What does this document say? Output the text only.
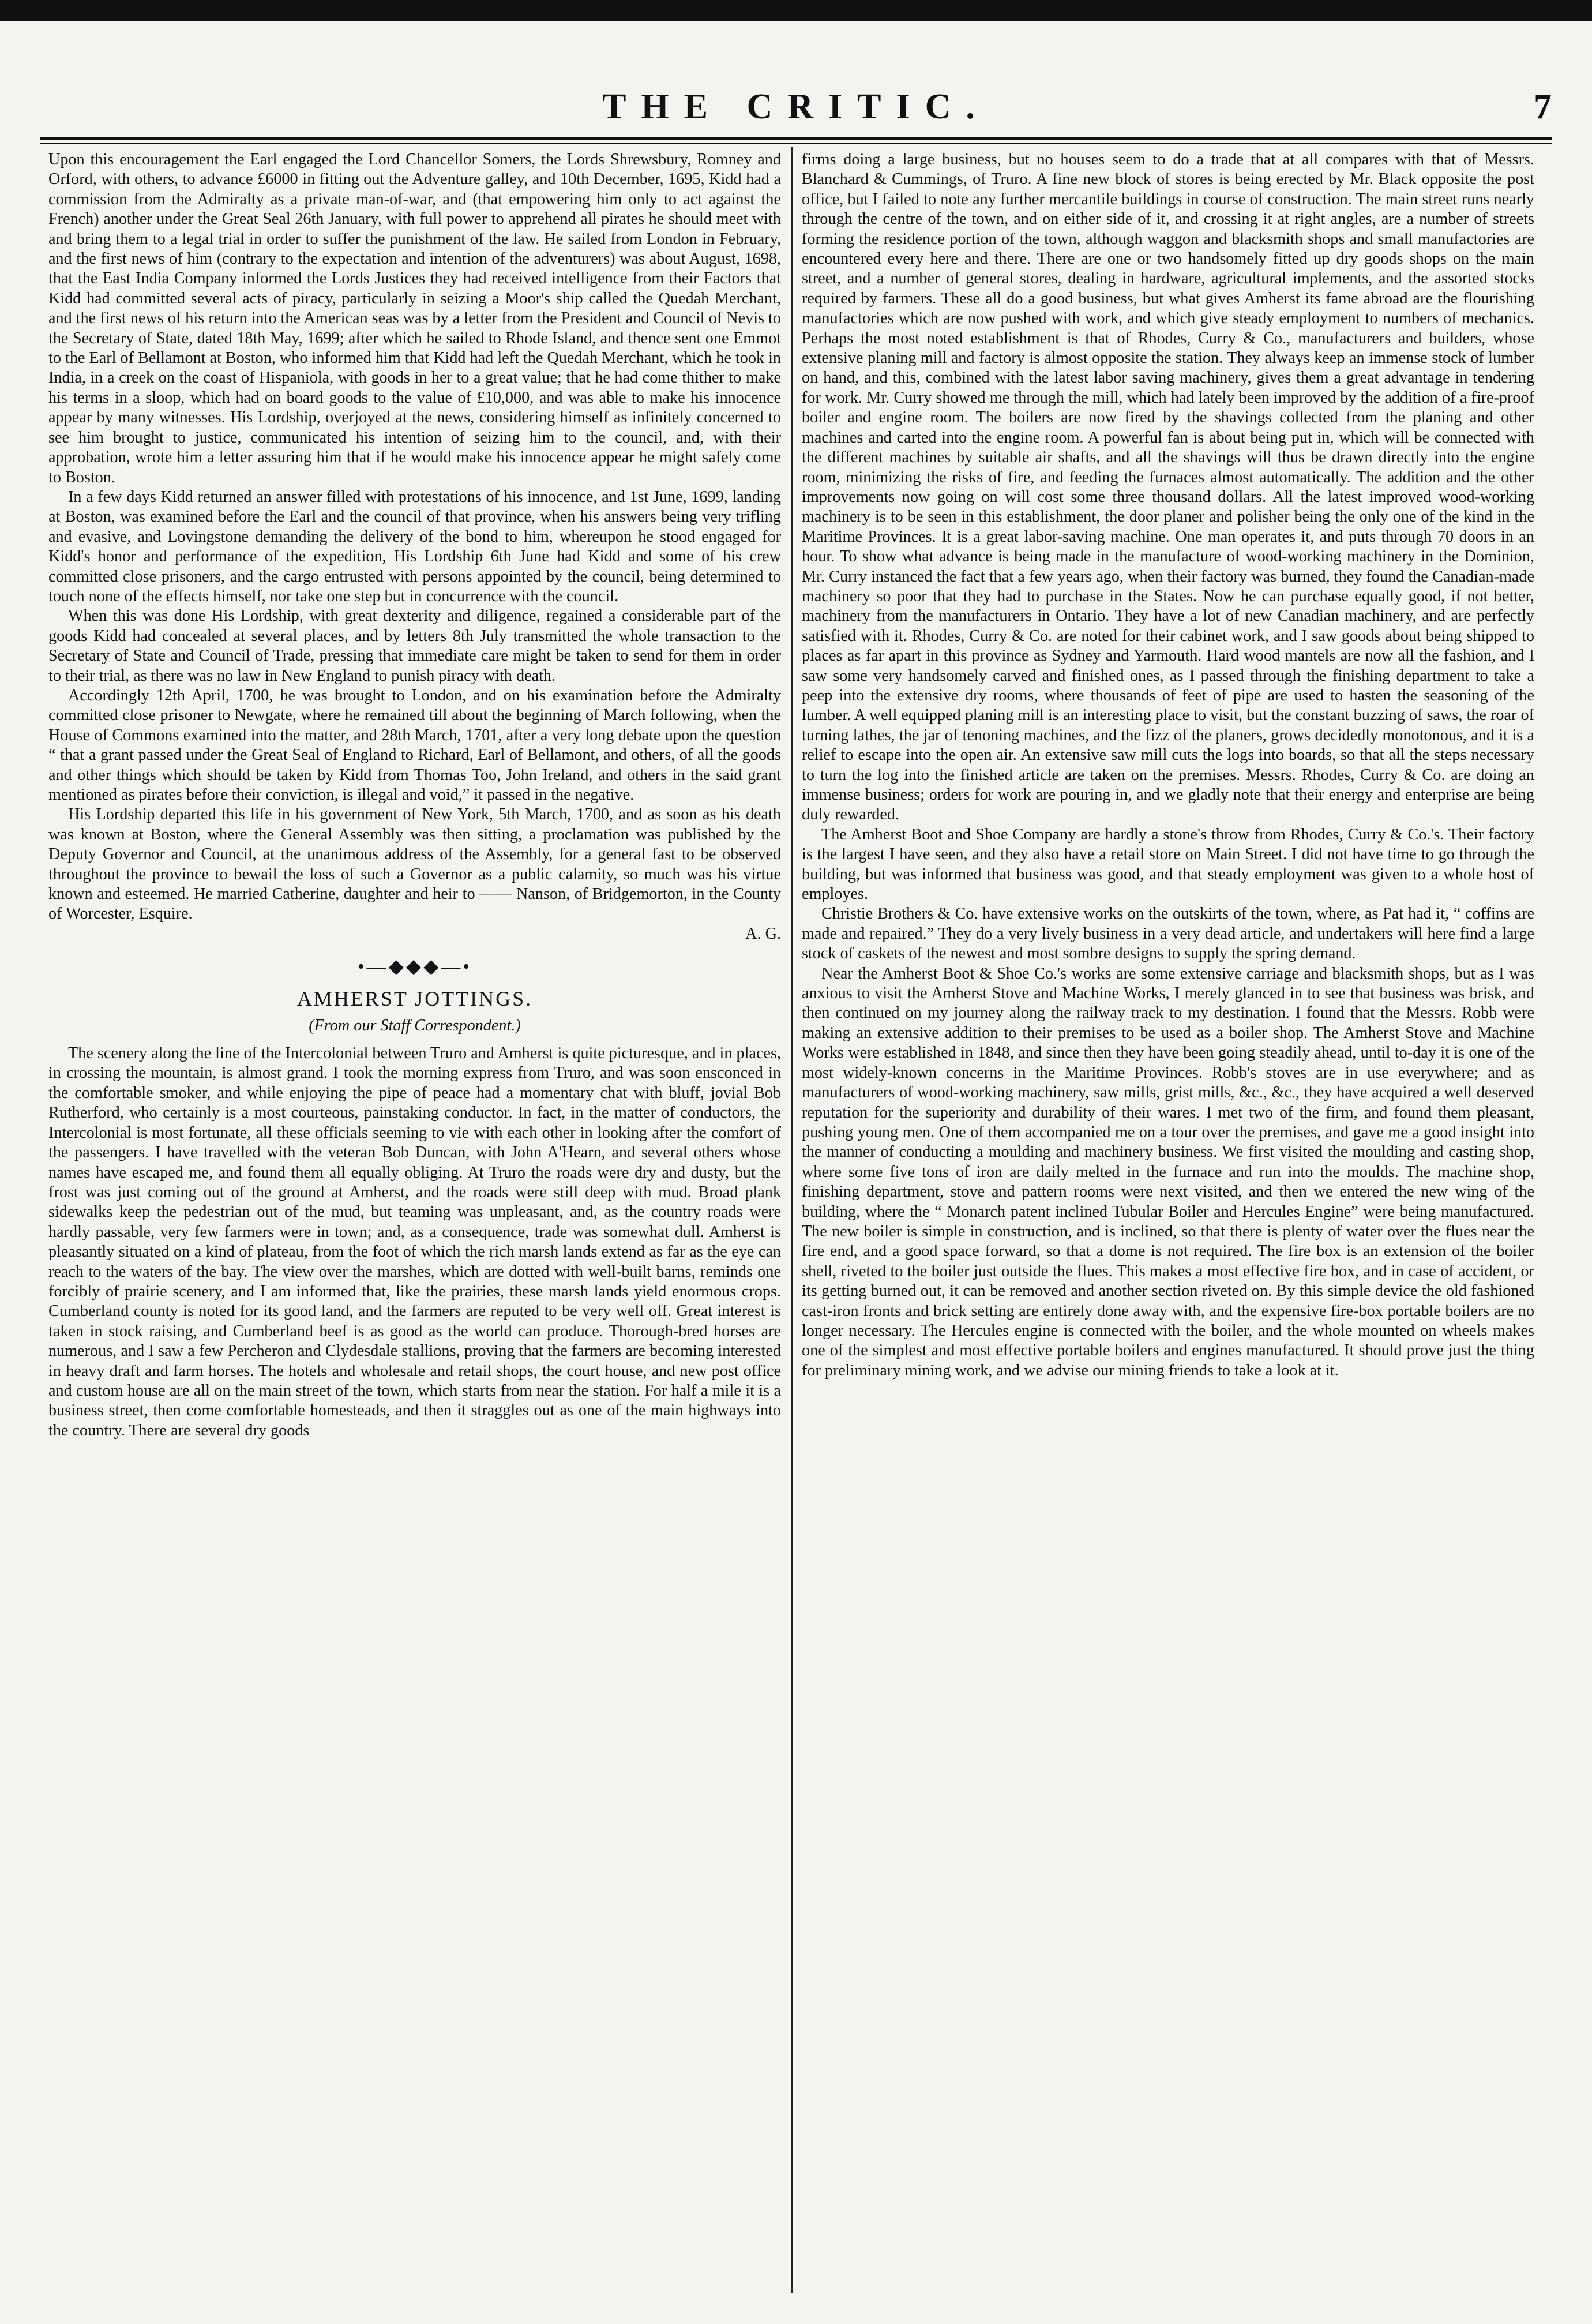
THE CRITIC.	7

Upon this encouragement the Earl engaged the Lord Chancellor Somers, the Lords Shrewsbury, Romney and Orford, with others, to advance £6000 in fitting out the Adventure galley, and 10th December, 1695, Kidd had a commission from the Admiralty as a private man-of-war, and (that empowering him only to act against the French) another under the Great Seal 26th January, with full power to apprehend all pirates he should meet with and bring them to a legal trial in order to suffer the punishment of the law. He sailed from London in February, and the first news of him (contrary to the expectation and intention of the adventurers) was about August, 1698, that the East India Company informed the Lords Justices they had received intelligence from their Factors that Kidd had committed several acts of piracy, particularly in seizing a Moor's ship called the Quedah Merchant, and the first news of his return into the American seas was by a letter from the President and Council of Nevis to the Secretary of State, dated 18th May, 1699; after which he sailed to Rhode Island, and thence sent one Emmot to the Earl of Bellamont at Boston, who informed him that Kidd had left the Quedah Merchant, which he took in India, in a creek on the coast of Hispaniola, with goods in her to a great value; that he had come thither to make his terms in a sloop, which had on board goods to the value of £10,000, and was able to make his innocence appear by many witnesses. His Lordship, overjoyed at the news, considering himself as infinitely concerned to see him brought to justice, communicated his intention of seizing him to the council, and, with their approbation, wrote him a letter assuring him that if he would make his innocence appear he might safely come to Boston.

In a few days Kidd returned an answer filled with protestations of his innocence, and 1st June, 1699, landing at Boston, was examined before the Earl and the council of that province, when his answers being very trifling and evasive, and Lovingstone demanding the delivery of the bond to him, whereupon he stood engaged for Kidd's honor and performance of the expedition, His Lordship 6th June had Kidd and some of his crew committed close prisoners, and the cargo entrusted with persons appointed by the council, being determined to touch none of the effects himself, nor take one step but in concurrence with the council.

When this was done His Lordship, with great dexterity and diligence, regained a considerable part of the goods Kidd had concealed at several places, and by letters 8th July transmitted the whole transaction to the Secretary of State and Council of Trade, pressing that immediate care might be taken to send for them in order to their trial, as there was no law in New England to punish piracy with death.

Accordingly 12th April, 1700, he was brought to London, and on his examination before the Admiralty committed close prisoner to Newgate, where he remained till about the beginning of March following, when the House of Commons examined into the matter, and 28th March, 1701, after a very long debate upon the question “ that a grant passed under the Great Seal of England to Richard, Earl of Bellamont, and others, of all the goods and other things which should be taken by Kidd from Thomas Too, John Ireland, and others in the said grant mentioned as pirates before their conviction, is illegal and void,” it passed in the negative.

His Lordship departed this life in his government of New York, 5th March, 1700, and as soon as his death was known at Boston, where the General Assembly was then sitting, a proclamation was published by the Deputy Governor and Council, at the unanimous address of the Assembly, for a general fast to be observed throughout the province to bewail the loss of such a Governor as a public calamity, so much was his virtue known and esteemed. He married Catherine, daughter and heir to —— Nanson, of Bridgemorton, in the County of Worcester, Esquire.

A. G.
•—◆◆◆—•
AMHERST JOTTINGS.
(From our Staff Correspondent.)

The scenery along the line of the Intercolonial between Truro and Amherst is quite picturesque, and in places, in crossing the mountain, is almost grand. I took the morning express from Truro, and was soon ensconced in the comfortable smoker, and while enjoying the pipe of peace had a momentary chat with bluff, jovial Bob Rutherford, who certainly is a most courteous, painstaking conductor. In fact, in the matter of conductors, the Intercolonial is most fortunate, all these officials seeming to vie with each other in looking after the comfort of the passengers. I have travelled with the veteran Bob Duncan, with John A'Hearn, and several others whose names have escaped me, and found them all equally obliging. At Truro the roads were dry and dusty, but the frost was just coming out of the ground at Amherst, and the roads were still deep with mud. Broad plank sidewalks keep the pedestrian out of the mud, but teaming was unpleasant, and, as the country roads were hardly passable, very few farmers were in town; and, as a consequence, trade was somewhat dull. Amherst is pleasantly situated on a kind of plateau, from the foot of which the rich marsh lands extend as far as the eye can reach to the waters of the bay. The view over the marshes, which are dotted with well-built barns, reminds one forcibly of prairie scenery, and I am informed that, like the prairies, these marsh lands yield enormous crops. Cumberland county is noted for its good land, and the farmers are reputed to be very well off. Great interest is taken in stock raising, and Cumberland beef is as good as the world can produce. Thorough-bred horses are numerous, and I saw a few Percheron and Clydesdale stallions, proving that the farmers are becoming interested in heavy draft and farm horses. The hotels and wholesale and retail shops, the court house, and new post office and custom house are all on the main street of the town, which starts from near the station. For half a mile it is a business street, then come comfortable homesteads, and then it straggles out as one of the main highways into the country. There are several dry goods

firms doing a large business, but no houses seem to do a trade that at all compares with that of Messrs. Blanchard & Cummings, of Truro. A fine new block of stores is being erected by Mr. Black opposite the post office, but I failed to note any further mercantile buildings in course of construction. The main street runs nearly through the centre of the town, and on either side of it, and crossing it at right angles, are a number of streets forming the residence portion of the town, although waggon and blacksmith shops and small manufactories are encountered every here and there. There are one or two handsomely fitted up dry goods shops on the main street, and a number of general stores, dealing in hardware, agricultural implements, and the assorted stocks required by farmers. These all do a good business, but what gives Amherst its fame abroad are the flourishing manufactories which are now pushed with work, and which give steady employment to numbers of mechanics. Perhaps the most noted establishment is that of Rhodes, Curry & Co., manufacturers and builders, whose extensive planing mill and factory is almost opposite the station. They always keep an immense stock of lumber on hand, and this, combined with the latest labor saving machinery, gives them a great advantage in tendering for work. Mr. Curry showed me through the mill, which had lately been improved by the addition of a fire-proof boiler and engine room. The boilers are now fired by the shavings collected from the planing and other machines and carted into the engine room. A powerful fan is about being put in, which will be connected with the different machines by suitable air shafts, and all the shavings will thus be drawn directly into the engine room, minimizing the risks of fire, and feeding the furnaces almost automatically. The addition and the other improvements now going on will cost some three thousand dollars. All the latest improved wood-working machinery is to be seen in this establishment, the door planer and polisher being the only one of the kind in the Maritime Provinces. It is a great labor-saving machine. One man operates it, and puts through 70 doors in an hour. To show what advance is being made in the manufacture of wood-working machinery in the Dominion, Mr. Curry instanced the fact that a few years ago, when their factory was burned, they found the Canadian-made machinery so poor that they had to purchase in the States. Now he can purchase equally good, if not better, machinery from the manufacturers in Ontario. They have a lot of new Canadian machinery, and are perfectly satisfied with it. Rhodes, Curry & Co. are noted for their cabinet work, and I saw goods about being shipped to places as far apart in this province as Sydney and Yarmouth. Hard wood mantels are now all the fashion, and I saw some very handsomely carved and finished ones, as I passed through the finishing department to take a peep into the extensive dry rooms, where thousands of feet of pipe are used to hasten the seasoning of the lumber. A well equipped planing mill is an interesting place to visit, but the constant buzzing of saws, the roar of turning lathes, the jar of tenoning machines, and the fizz of the planers, grows decidedly monotonous, and it is a relief to escape into the open air. An extensive saw mill cuts the logs into boards, so that all the steps necessary to turn the log into the finished article are taken on the premises. Messrs. Rhodes, Curry & Co. are doing an immense business; orders for work are pouring in, and we gladly note that their energy and enterprise are being duly rewarded.

The Amherst Boot and Shoe Company are hardly a stone's throw from Rhodes, Curry & Co.'s. Their factory is the largest I have seen, and they also have a retail store on Main Street. I did not have time to go through the building, but was informed that business was good, and that steady employment was given to a whole host of employes.

Christie Brothers & Co. have extensive works on the outskirts of the town, where, as Pat had it, “ coffins are made and repaired.” They do a very lively business in a very dead article, and undertakers will here find a large stock of caskets of the newest and most sombre designs to supply the spring demand.

Near the Amherst Boot & Shoe Co.'s works are some extensive carriage and blacksmith shops, but as I was anxious to visit the Amherst Stove and Machine Works, I merely glanced in to see that business was brisk, and then continued on my journey along the railway track to my destination. I found that the Messrs. Robb were making an extensive addition to their premises to be used as a boiler shop. The Amherst Stove and Machine Works were established in 1848, and since then they have been going steadily ahead, until to-day it is one of the most widely-known concerns in the Maritime Provinces. Robb's stoves are in use everywhere; and as manufacturers of wood-working machinery, saw mills, grist mills, &c., &c., they have acquired a well deserved reputation for the superiority and durability of their wares. I met two of the firm, and found them pleasant, pushing young men. One of them accompanied me on a tour over the premises, and gave me a good insight into the manner of conducting a moulding and machinery business. We first visited the moulding and casting shop, where some five tons of iron are daily melted in the furnace and run into the moulds. The machine shop, finishing department, stove and pattern rooms were next visited, and then we entered the new wing of the building, where the “ Monarch patent inclined Tubular Boiler and Hercules Engine” were being manufactured. The new boiler is simple in construction, and is inclined, so that there is plenty of water over the flues near the fire end, and a good space forward, so that a dome is not required. The fire box is an extension of the boiler shell, riveted to the boiler just outside the flues. This makes a most effective fire box, and in case of accident, or its getting burned out, it can be removed and another section riveted on. By this simple device the old fashioned cast-iron fronts and brick setting are entirely done away with, and the expensive fire-box portable boilers are no longer necessary. The Hercules engine is connected with the boiler, and the whole mounted on wheels makes one of the simplest and most effective portable boilers and engines manufactured. It should prove just the thing for preliminary mining work, and we advise our mining friends to take a look at it.
